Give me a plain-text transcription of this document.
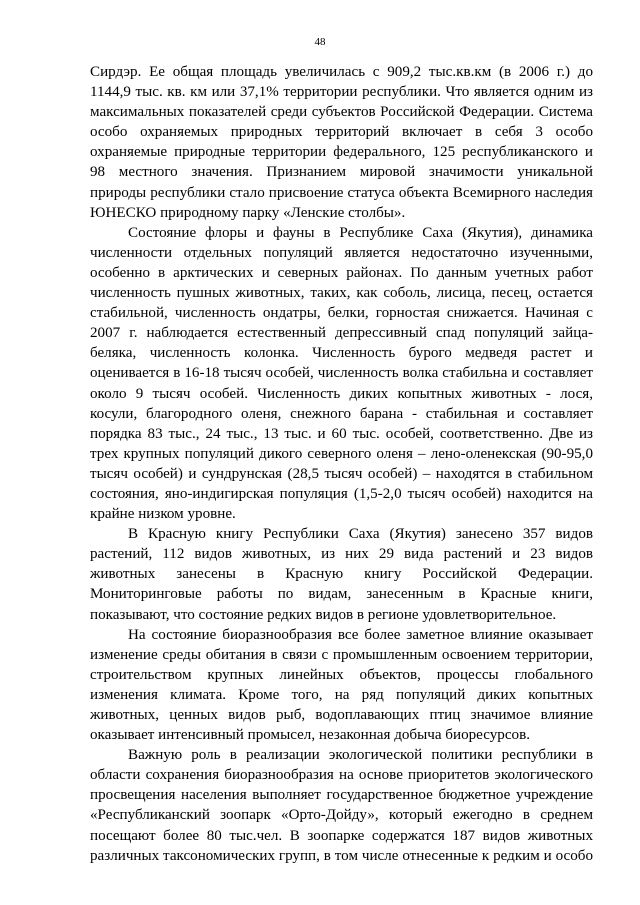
48

Сирдэр. Ее общая площадь увеличилась с 909,2 тыс.кв.км (в 2006 г.) до
1144,9 тыс. кв. км или 37,1% территории республики. Что является одним из
максимальных показателей среди субъектов Российской Федерации. Система
особо охраняемых природных территорий включает в себя 3 особо
охраняемые природные территории федерального, 125 республиканского и
98 местного значения. Признанием мировой значимости уникальной
природы республики стало присвоение статуса объекта Всемирного наследия
ЮНЕСКО природному парку «Ленские столбы».

Состояние флоры и фауны в Республике Саха (Якутия), динамика
численности отдельных популяций является недостаточно изученными,
особенно в арктических и северных районах. По данным учетных работ
численность пушных животных, таких, как соболь, лисица, песец, остается
стабильной, численность ондатры, белки, горностая снижается. Начиная с
2007 г. наблюдается естественный депрессивный спад популяций зайца-
беляка, численность колонка. Численность бурого медведя растет и
оценивается в 16-18 тысяч особей, численность волка стабильна и составляет
около 9 тысяч особей. Численность диких копытных животных - лося,
косули, благородного оленя, снежного барана - стабильная и составляет
порядка 83 тыс., 24 тыс., 13 тыс. и 60 тыс. особей, соответственно. Две из
трех крупных популяций дикого северного оленя – лено-оленекская (90-95,0
тысяч особей) и сундрунская (28,5 тысяч особей) – находятся в стабильном
состояния, яно-индигирская популяция (1,5-2,0 тысяч особей) находится на
крайне низком уровне.

В Красную книгу Республики Саха (Якутия) занесено 357 видов
растений, 112 видов животных, из них 29 вида растений и 23 видов
животных занесены в Красную книгу Российской Федерации.
Мониторинговые работы по видам, занесенным в Красные книги,
показывают, что состояние редких видов в регионе удовлетворительное.

На состояние биоразнообразия все более заметное влияние оказывает
изменение среды обитания в связи с промышленным освоением территории,
строительством крупных линейных объектов, процессы глобального
изменения климата. Кроме того, на ряд популяций диких копытных
животных, ценных видов рыб, водоплавающих птиц значимое влияние
оказывает интенсивный промысел, незаконная добыча биоресурсов.

Важную роль в реализации экологической политики республики в
области сохранения биоразнообразия на основе приоритетов экологического
просвещения населения выполняет государственное бюджетное учреждение
«Республиканский зоопарк «Орто-Дойду», который ежегодно в среднем
посещают более 80 тыс.чел. В зоопарке содержатся 187 видов животных
различных таксономических групп, в том числе отнесенные к редким и особо
